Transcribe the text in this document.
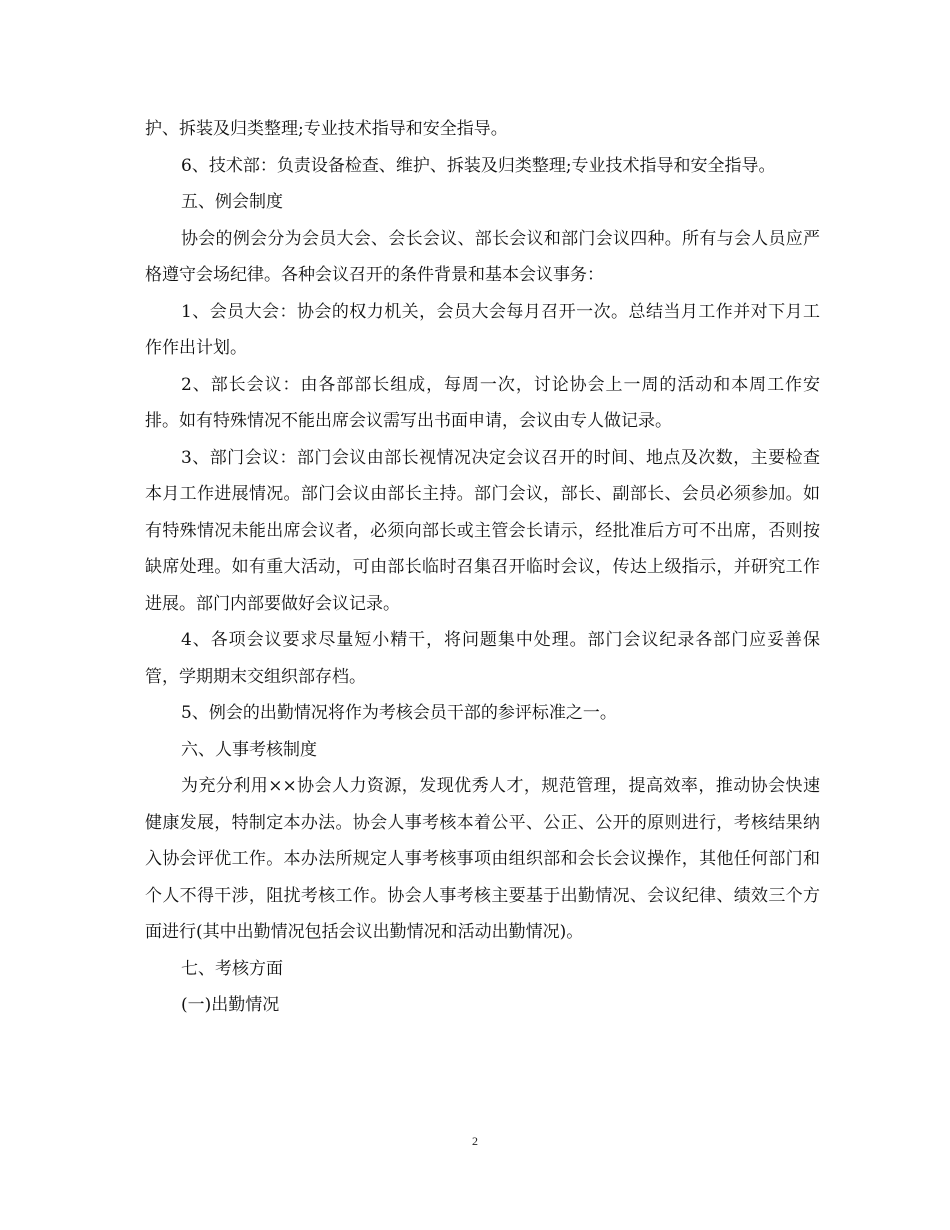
护、拆装及归类整理;专业技术指导和安全指导。

6、技术部：负责设备检查、维护、拆装及归类整理;专业技术指导和安全指导。

五、例会制度

协会的例会分为会员大会、会长会议、部长会议和部门会议四种。所有与会人员应严格遵守会场纪律。各种会议召开的条件背景和基本会议事务：

1、会员大会：协会的权力机关，会员大会每月召开一次。总结当月工作并对下月工作作出计划。

2、部长会议：由各部部长组成，每周一次，讨论协会上一周的活动和本周工作安排。如有特殊情况不能出席会议需写出书面申请，会议由专人做记录。

3、部门会议：部门会议由部长视情况决定会议召开的时间、地点及次数，主要检查本月工作进展情况。部门会议由部长主持。部门会议，部长、副部长、会员必须参加。如有特殊情况未能出席会议者，必须向部长或主管会长请示，经批准后方可不出席，否则按缺席处理。如有重大活动，可由部长临时召集召开临时会议，传达上级指示，并研究工作进展。部门内部要做好会议记录。

4、各项会议要求尽量短小精干，将问题集中处理。部门会议纪录各部门应妥善保管，学期期末交组织部存档。

5、例会的出勤情况将作为考核会员干部的参评标准之一。

六、人事考核制度

为充分利用××协会人力资源，发现优秀人才，规范管理，提高效率，推动协会快速健康发展，特制定本办法。协会人事考核本着公平、公正、公开的原则进行，考核结果纳入协会评优工作。本办法所规定人事考核事项由组织部和会长会议操作，其他任何部门和个人不得干涉，阻扰考核工作。协会人事考核主要基于出勤情况、会议纪律、绩效三个方面进行(其中出勤情况包括会议出勤情况和活动出勤情况)。

七、考核方面

(一)出勤情况

2
